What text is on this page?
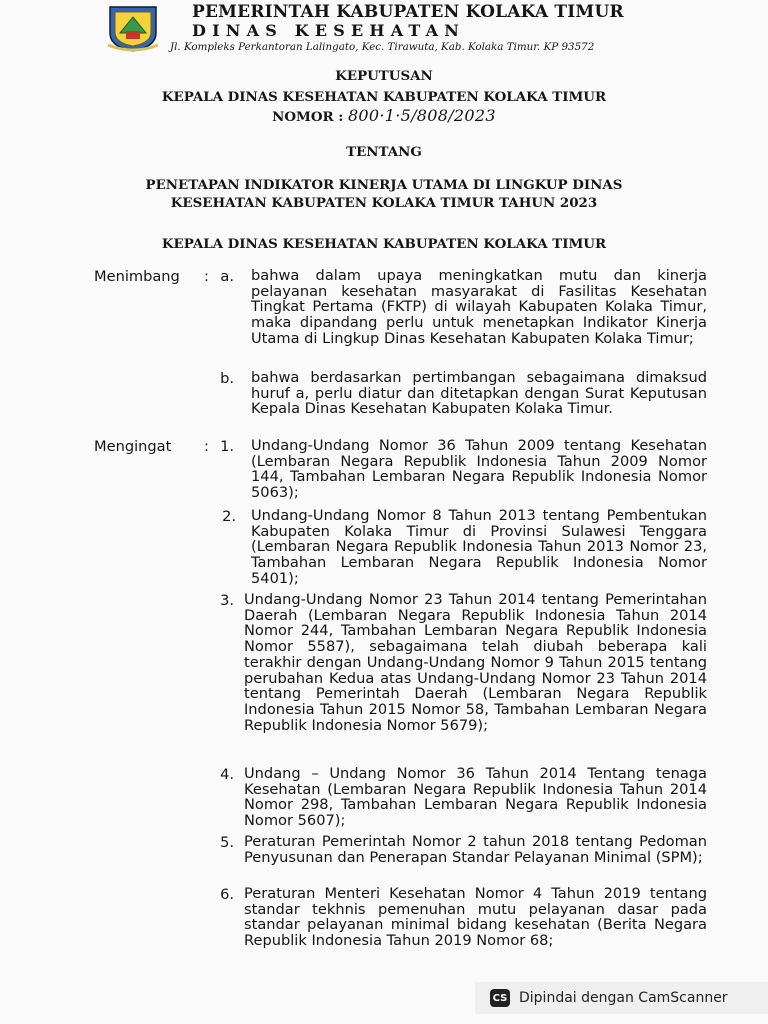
PEMERINTAH KABUPATEN KOLAKA TIMUR
DINAS KESEHATAN
Jl. Kompleks Perkantoran Lalingato, Kec. Tirawuta, Kab. Kolaka Timur. KP 93572
KEPUTUSAN
KEPALA DINAS KESEHATAN KABUPATEN KOLAKA TIMUR
NOMOR : 800·1·5/808/2023
TENTANG
PENETAPAN INDIKATOR KINERJA UTAMA DI LINGKUP DINAS
KESEHATAN KABUPATEN KOLAKA TIMUR TAHUN 2023
KEPALA DINAS KESEHATAN KABUPATEN KOLAKA TIMUR
Menimbang : a. bahwa dalam upaya meningkatkan mutu dan kinerja pelayanan kesehatan masyarakat di Fasilitas Kesehatan Tingkat Pertama (FKTP) di wilayah Kabupaten Kolaka Timur, maka dipandang perlu untuk menetapkan Indikator Kinerja Utama di Lingkup Dinas Kesehatan Kabupaten Kolaka Timur;
b. bahwa berdasarkan pertimbangan sebagaimana dimaksud huruf a, perlu diatur dan ditetapkan dengan Surat Keputusan Kepala Dinas Kesehatan Kabupaten Kolaka Timur.
Mengingat : 1. Undang-Undang Nomor 36 Tahun 2009 tentang Kesehatan (Lembaran Negara Republik Indonesia Tahun 2009 Nomor 144, Tambahan Lembaran Negara Republik Indonesia Nomor 5063);
2. Undang-Undang Nomor 8 Tahun 2013 tentang Pembentukan Kabupaten Kolaka Timur di Provinsi Sulawesi Tenggara (Lembaran Negara Republik Indonesia Tahun 2013 Nomor 23, Tambahan Lembaran Negara Republik Indonesia Nomor 5401);
3. Undang-Undang Nomor 23 Tahun 2014 tentang Pemerintahan Daerah (Lembaran Negara Republik Indonesia Tahun 2014 Nomor 244, Tambahan Lembaran Negara Republik Indonesia Nomor 5587), sebagaimana telah diubah beberapa kali terakhir dengan Undang-Undang Nomor 9 Tahun 2015 tentang perubahan Kedua atas Undang-Undang Nomor 23 Tahun 2014 tentang Pemerintah Daerah (Lembaran Negara Republik Indonesia Tahun 2015 Nomor 58, Tambahan Lembaran Negara Republik Indonesia Nomor 5679);
4. Undang – Undang Nomor 36 Tahun 2014 Tentang tenaga Kesehatan (Lembaran Negara Republik Indonesia Tahun 2014 Nomor 298, Tambahan Lembaran Negara Republik Indonesia Nomor 5607);
5. Peraturan Pemerintah Nomor 2 tahun 2018 tentang Pedoman Penyusunan dan Penerapan Standar Pelayanan Minimal (SPM);
6. Peraturan Menteri Kesehatan Nomor 4 Tahun 2019 tentang standar tekhnis pemenuhan mutu pelayanan dasar pada standar pelayanan minimal bidang kesehatan (Berita Negara Republik Indonesia Tahun 2019 Nomor 68;
CS Dipindai dengan CamScanner
